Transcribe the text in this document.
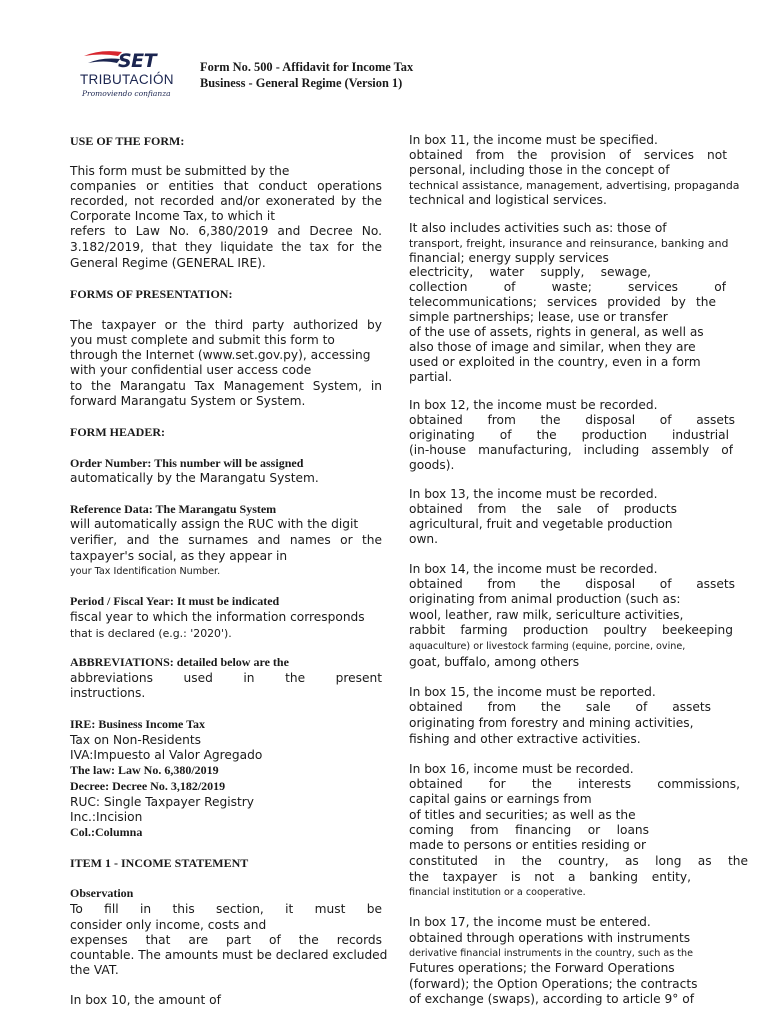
SET
TRIBUTACIÓN
Promoviendo confianza
Form No. 500 - Affidavit for Income Tax
Business - General Regime (Version 1)
USE OF THE FORM:
This form must be submitted by the
companies or entities that conduct operations
recorded, not recorded and/or exonerated by the
Corporate Income Tax, to which it
refers to Law No. 6,380/2019 and Decree No.
3.182/2019, that they liquidate the tax for the
General Regime (GENERAL IRE).
FORMS OF PRESENTATION:
The taxpayer or the third party authorized by
you must complete and submit this form to
through the Internet (www.set.gov.py), accessing
with your confidential user access code
to the Marangatu Tax Management System, in
forward Marangatu System or System.
FORM HEADER:
Order Number: This number will be assigned
automatically by the Marangatu System.
Reference Data: The Marangatu System
will automatically assign the RUC with the digit
verifier, and the surnames and names or the
taxpayer's social, as they appear in
your Tax Identification Number.
Period / Fiscal Year: It must be indicated
fiscal year to which the information corresponds
that is declared (e.g.: '2020').
ABBREVIATIONS: detailed below are the
abbreviations used in the present
instructions.
IRE: Business Income Tax
Tax on Non-Residents
IVA:Impuesto al Valor Agregado
The law: Law No. 6,380/2019
Decree: Decree No. 3,182/2019
RUC: Single Taxpayer Registry
Inc.:Incision
Col.:Columna
ITEM 1 - INCOME STATEMENT
Observation
To fill in this section, it must be
consider only income, costs and
expenses that are part of the records
countable. The amounts must be declared excluded
the VAT.
In box 10, the amount of
In box 11, the income must be specified.
obtained from the provision of services not
personal, including those in the concept of
technical assistance, management, advertising, propaganda
technical and logistical services.
It also includes activities such as: those of
transport, freight, insurance and reinsurance, banking and
financial; energy supply services
electricity, water supply, sewage,
collection of waste; services of
telecommunications; services provided by the
simple partnerships; lease, use or transfer
of the use of assets, rights in general, as well as
also those of image and similar, when they are
used or exploited in the country, even in a form
partial.
In box 12, the income must be recorded.
obtained from the disposal of assets
originating of the production industrial
(in-house manufacturing, including assembly of
goods).
In box 13, the income must be recorded.
obtained from the sale of products
agricultural, fruit and vegetable production
own.
In box 14, the income must be recorded.
obtained from the disposal of assets
originating from animal production (such as:
wool, leather, raw milk, sericulture activities,
rabbit farming production poultry beekeeping
aquaculture) or livestock farming (equine, porcine, ovine,
goat, buffalo, among others
In box 15, the income must be reported.
obtained from the sale of assets
originating from forestry and mining activities,
fishing and other extractive activities.
In box 16, income must be recorded.
obtained for the interests commissions,
capital gains or earnings from
of titles and securities; as well as the
coming from financing or loans
made to persons or entities residing or
constituted in the country, as long as the
the taxpayer is not a banking entity,
financial institution or a cooperative.
In box 17, the income must be entered.
obtained through operations with instruments
derivative financial instruments in the country, such as the
Futures operations; the Forward Operations
(forward); the Option Operations; the contracts
of exchange (swaps), according to article 9° of
